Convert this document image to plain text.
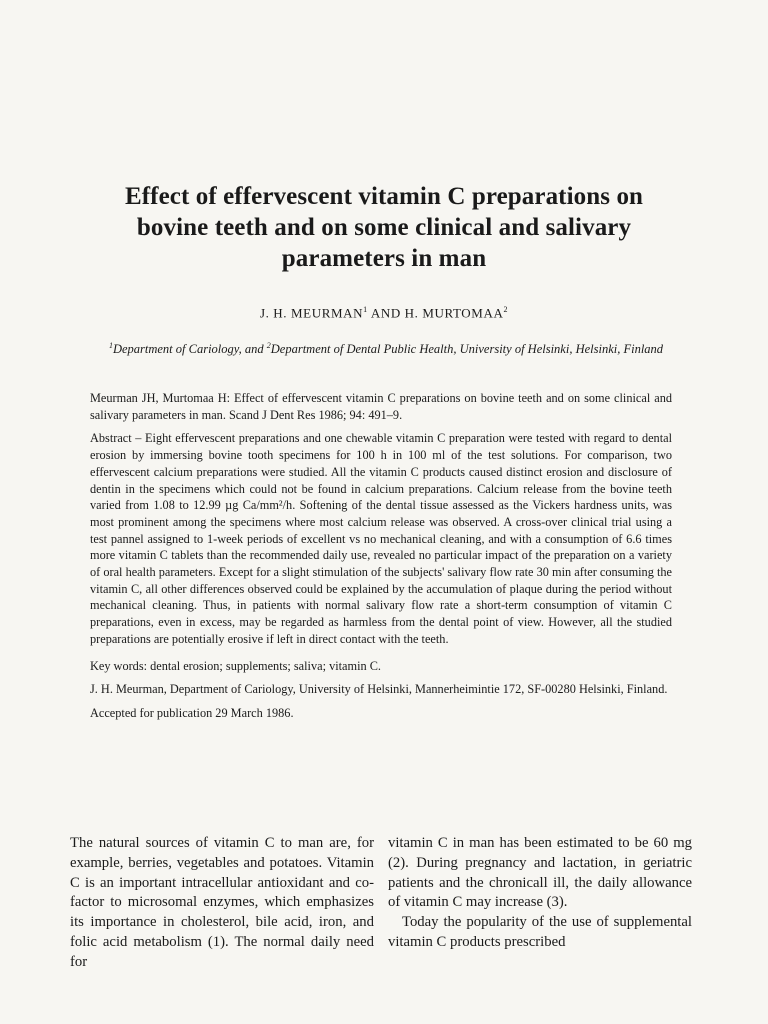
Effect of effervescent vitamin C preparations on
bovine teeth and on some clinical and salivary
parameters in man
J. H. MEURMAN$^1$ AND H. MURTOMAA$^2$
$^1$Department of Cariology, and $^2$Department of Dental Public Health, University of Helsinki, Helsinki, Finland

Meurman JH, Murtomaa H: Effect of effervescent vitamin C preparations on bovine teeth and on some clinical and salivary parameters in man. Scand J Dent Res 1986; 94: 491–9.

Abstract – Eight effervescent preparations and one chewable vitamin C preparation were tested with regard to dental erosion by immersing bovine tooth specimens for 100 h in 100 ml of the test solutions. For comparison, two effervescent calcium preparations were studied. All the vitamin C products caused distinct erosion and disclosure of dentin in the specimens which could not be found in calcium preparations. Calcium release from the bovine teeth varied from 1.08 to 12.99 µg Ca/mm²/h. Softening of the dental tissue assessed as the Vickers hardness units, was most prominent among the specimens where most calcium release was observed. A cross-over clinical trial using a test pannel assigned to 1-week periods of excellent vs no mechanical cleaning, and with a consumption of 6.6 times more vitamin C tablets than the recommended daily use, revealed no particular impact of the preparation on a variety of oral health parameters. Except for a slight stimulation of the subjects' salivary flow rate 30 min after consuming the vitamin C, all other differences observed could be explained by the accumulation of plaque during the period without mechanical cleaning. Thus, in patients with normal salivary flow rate a short-term consumption of vitamin C preparations, even in excess, may be regarded as harmless from the dental point of view. However, all the studied preparations are potentially erosive if left in direct contact with the teeth.

Key words: dental erosion; supplements; saliva; vitamin C.

J. H. Meurman, Department of Cariology, University of Helsinki, Mannerheimintie 172, SF-00280 Helsinki, Finland.

Accepted for publication 29 March 1986.

The natural sources of vitamin C to man are, for example, berries, vegetables and potatoes. Vitamin C is an important intracellular antioxidant and co-factor to microsomal enzymes, which emphasizes its importance in cholesterol, bile acid, iron, and folic acid metabolism (1). The normal daily need for

vitamin C in man has been estimated to be 60 mg (2). During pregnancy and lactation, in geriatric patients and the chronicall ill, the daily allowance of vitamin C may increase (3).

Today the popularity of the use of supplemental vitamin C products prescribed
